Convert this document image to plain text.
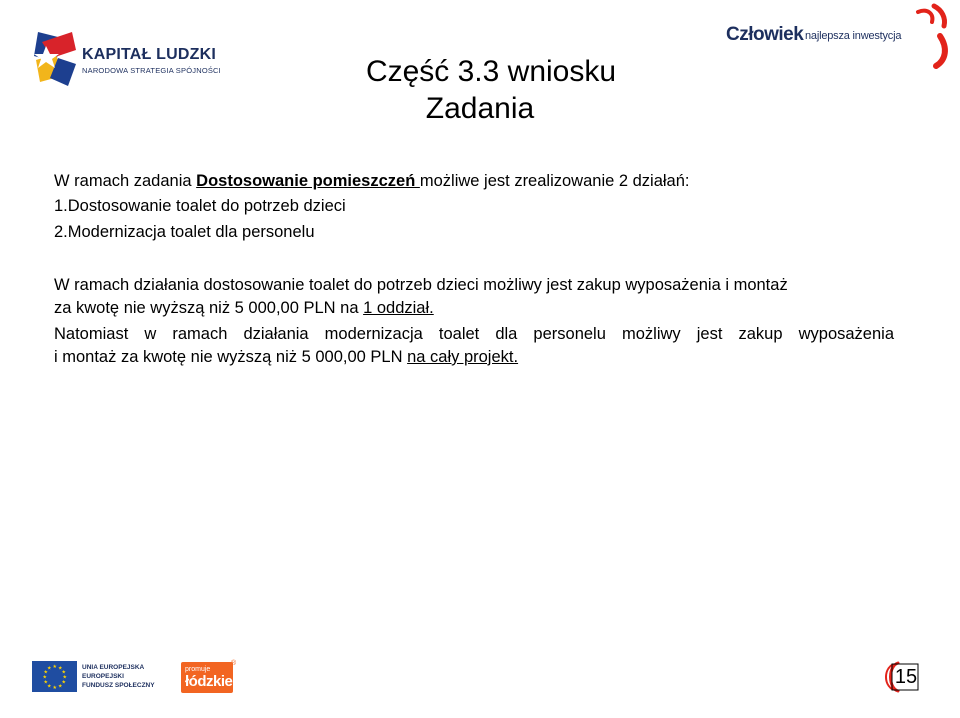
KAPITAŁ LUDZKI
NARODOWA STRATEGIA SPÓJNOŚCI
Człowiek najlepsza inwestycja
Część 3.3 wniosku
Zadania
W ramach zadania Dostosowanie pomieszczeń możliwe jest zrealizowanie 2 działań:
1.Dostosowanie toalet do potrzeb dzieci
2.Modernizacja toalet dla personelu
W ramach działania dostosowanie toalet do potrzeb dzieci możliwy jest zakup wyposażenia i montaż
za kwotę nie wyższą niż 5 000,00 PLN na 1 oddział.
Natomiast w ramach działania modernizacja toalet dla personelu możliwy jest zakup wyposażenia
i montaż za kwotę nie wyższą niż 5 000,00 PLN na cały projekt.
★ ★
★
★
★
★
★
★
★
★
★
★	UNIA EUROPEJSKA
EUROPEJSKI
FUNDUSZ SPOŁECZNY
promuje
łódzkie
®
15
